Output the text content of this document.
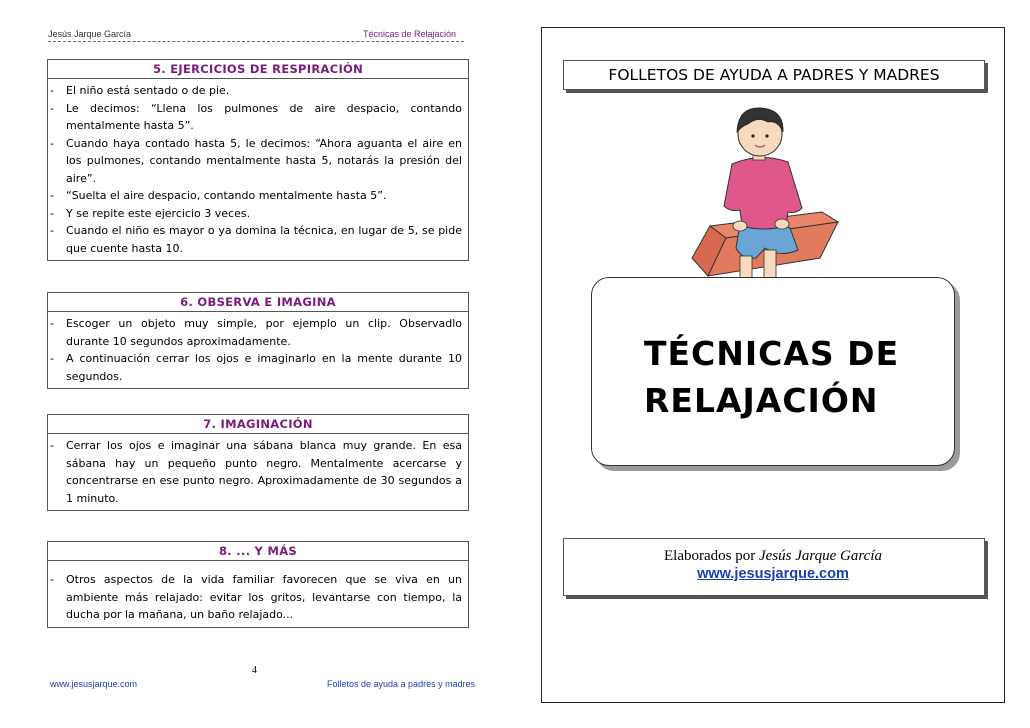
Jesús Jarque García	Técnicas de Relajación
5. EJERCICIOS DE RESPIRACIÓN
- El niño está sentado o de pie.
- Le decimos: “Llena los pulmones de aire despacio, contando mentalmente hasta 5”.
- Cuando haya contado hasta 5, le decimos: “Ahora aguanta el aire en los pulmones, contando mentalmente hasta 5, notarás la presión del aire”.
- “Suelta el aire despacio, contando mentalmente hasta 5”.
- Y se repite este ejercicio 3 veces.
- Cuando el niño es mayor o ya domina la técnica, en lugar de 5, se pide que cuente hasta 10.
6. OBSERVA E IMAGINA
- Escoger un objeto muy simple, por ejemplo un clip. Observadlo durante 10 segundos aproximadamente.
- A continuación cerrar los ojos e imaginarlo en la mente durante 10 segundos.
7. IMAGINACIÓN
- Cerrar los ojos e imaginar una sábana blanca muy grande. En esa sábana hay un pequeño punto negro. Mentalmente acercarse y concentrarse en ese punto negro. Aproximadamente de 30 segundos a 1 minuto.
8. ... Y MÁS
- Otros aspectos de la vida familiar favorecen que se viva en un ambiente más relajado: evitar los gritos, levantarse con tiempo, la ducha por la mañana, un baño relajado...
4
www.jesusjarque.com	Folletos de ayuda a padres y madres
FOLLETOS DE AYUDA A PADRES Y MADRES
TÉCNICAS DE
RELAJACIÓN
Elaborados por Jesús Jarque García
www.jesusjarque.com
